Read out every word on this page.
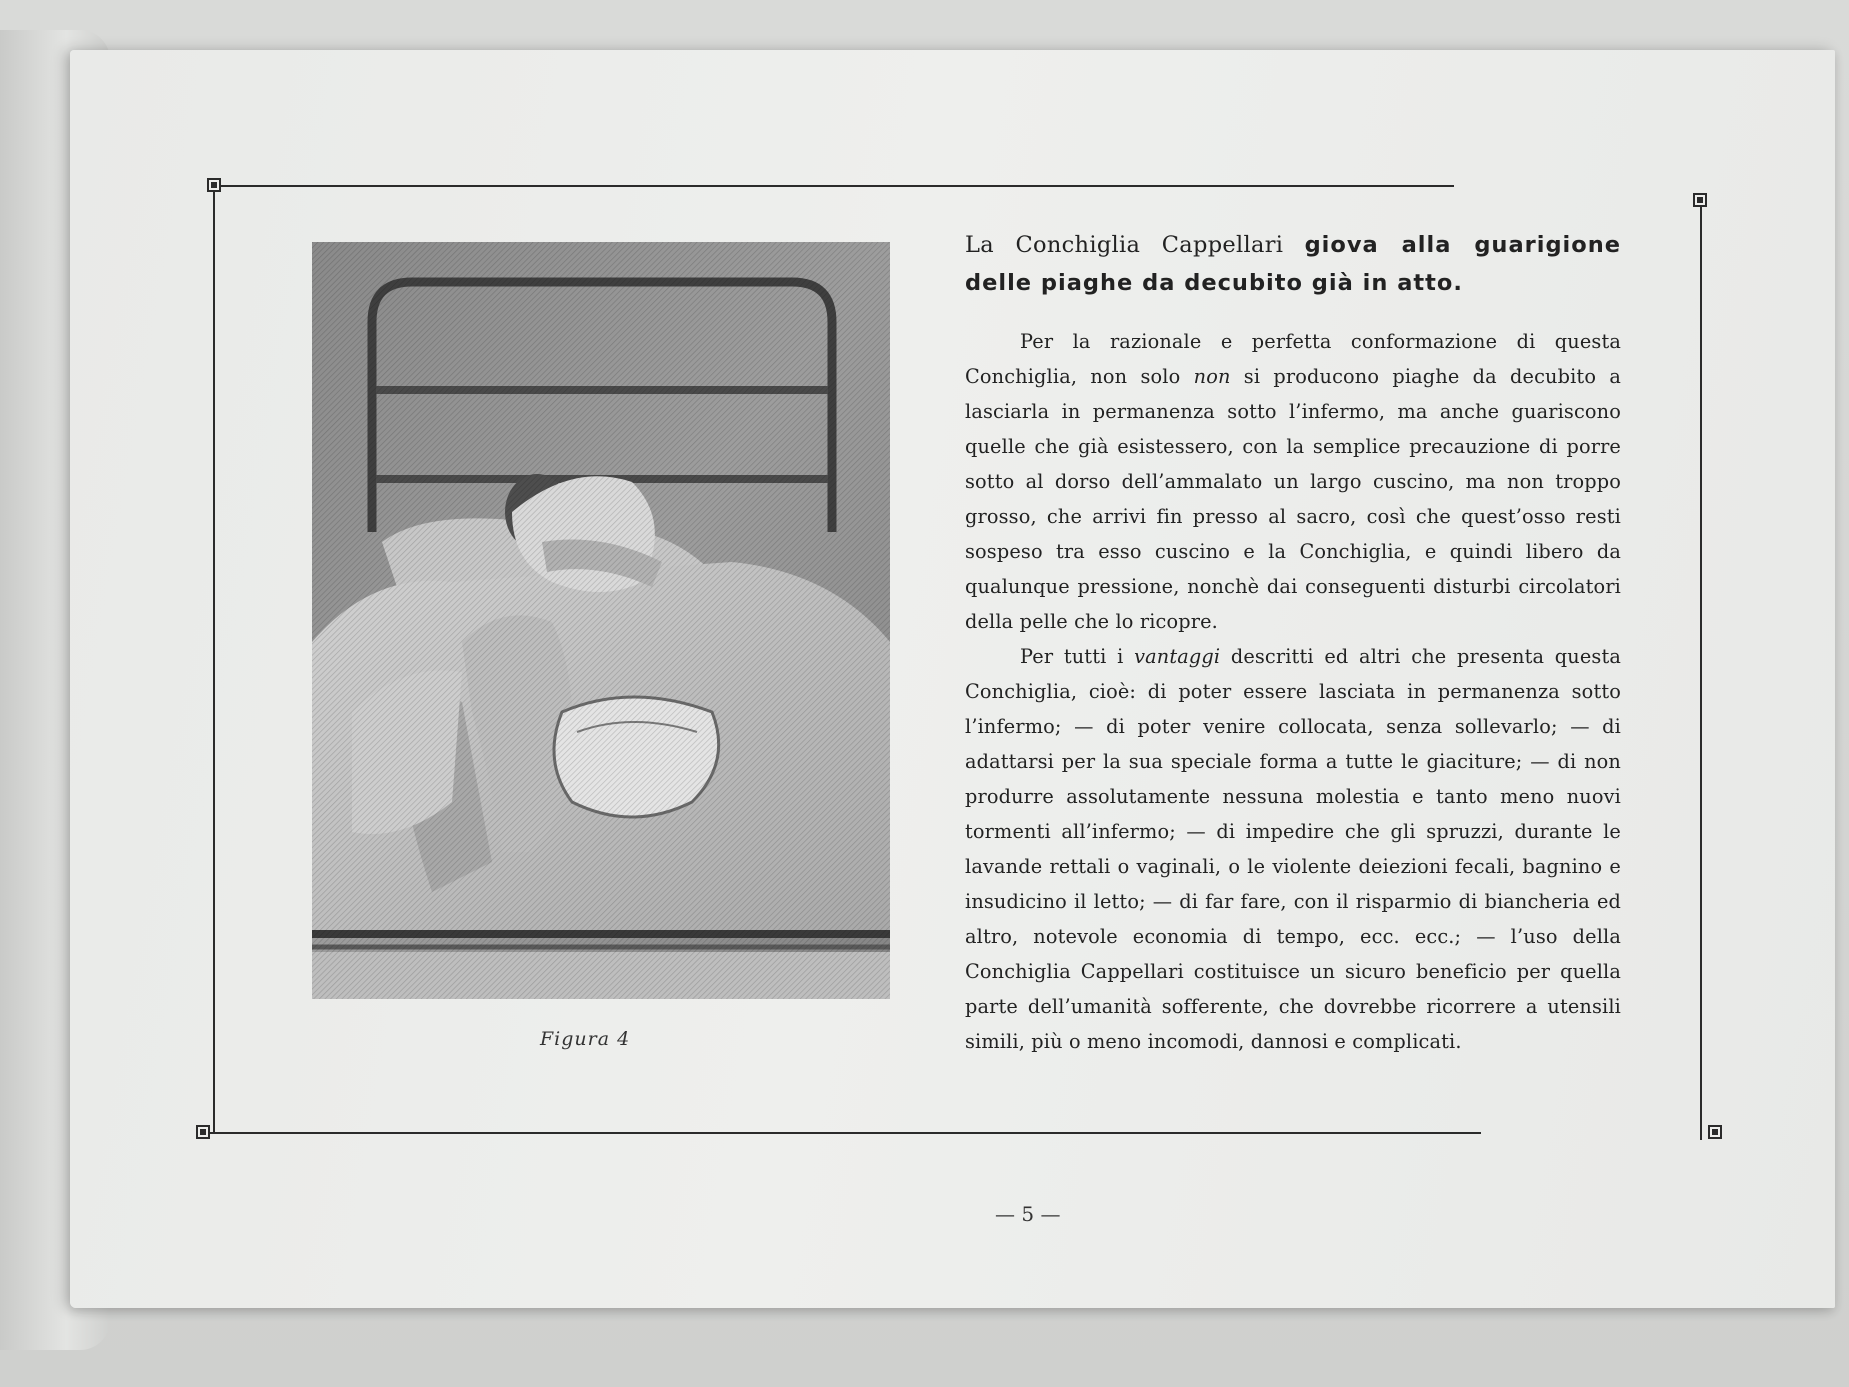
— 5 —
Figura 4
La Conchiglia Cappellari giova alla guarigione delle piaghe da decubito già in atto.

Per la razionale e perfetta conformazione di questa Conchiglia, non solo non si producono piaghe da decubito a lasciarla in permanenza sotto l’infermo, ma anche guariscono quelle che già esistessero, con la semplice precauzione di porre sotto al dorso dell’ammalato un largo cuscino, ma non troppo grosso, che arrivi fin presso al sacro, così che quest’osso resti sospeso tra esso cuscino e la Conchiglia, e quindi libero da qualunque pressione, nonchè dai conseguenti disturbi circolatori della pelle che lo ricopre.

Per tutti i vantaggi descritti ed altri che presenta questa Conchiglia, cioè: di poter essere lasciata in permanenza sotto l’infermo; — di poter venire collocata, senza sollevarlo; — di adattarsi per la sua speciale forma a tutte le giaciture; — di non produrre assolutamente nessuna molestia e tanto meno nuovi tormenti all’infermo; — di impedire che gli spruzzi, durante le lavande rettali o vaginali, o le violente deiezioni fecali, bagnino e insudicino il letto; — di far fare, con il risparmio di biancheria ed altro, notevole economia di tempo, ecc. ecc.; — l’uso della Conchiglia Cappellari costituisce un sicuro beneficio per quella parte dell’umanità sofferente, che dovrebbe ricorrere a utensili simili, più o meno incomodi, dannosi e complicati.
